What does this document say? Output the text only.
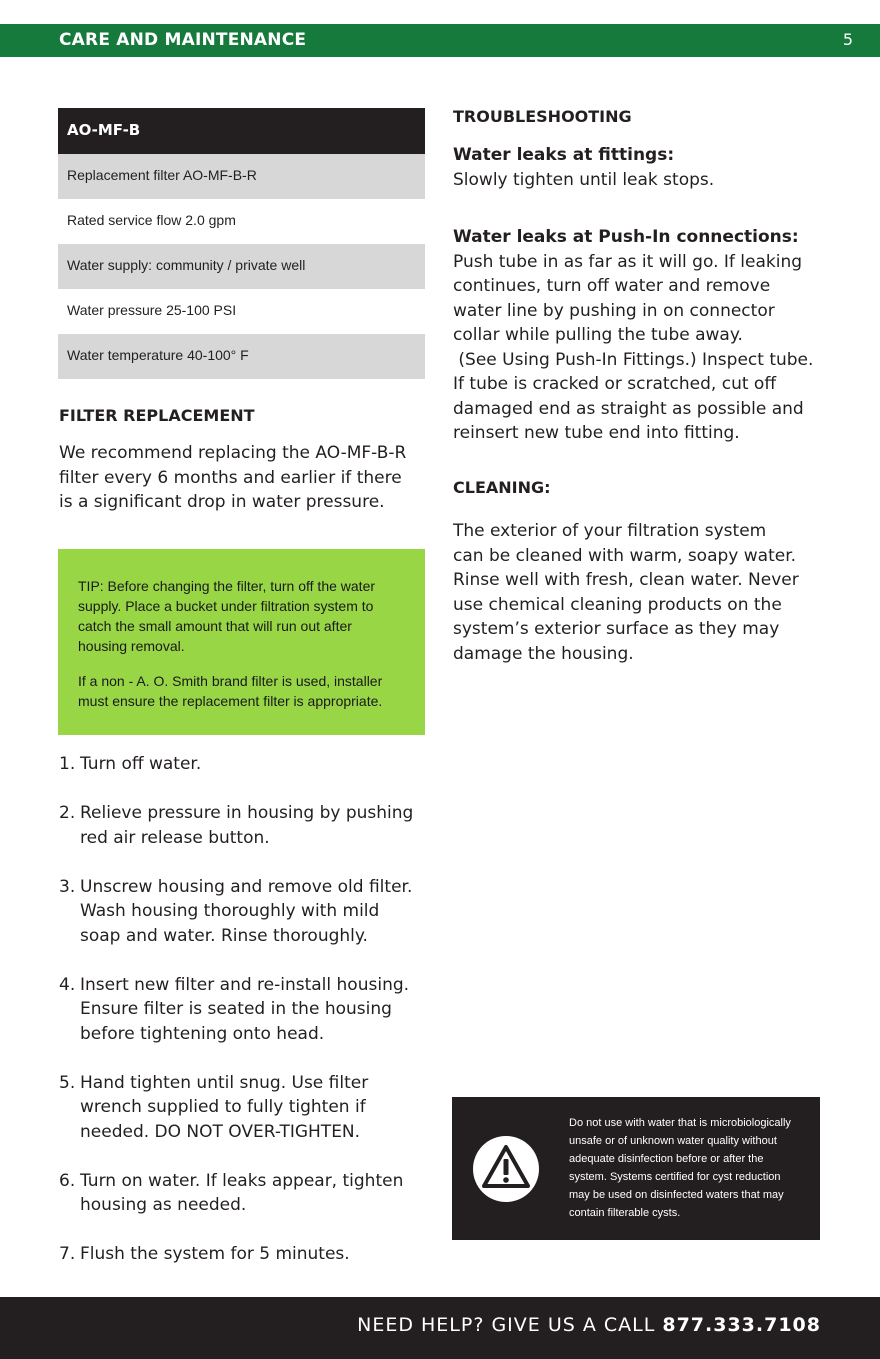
CARE AND MAINTENANCE	5
AO-MF-B
Replacement filter AO-MF-B-R
Rated service flow 2.0 gpm
Water supply: community / private well
Water pressure 25-100 PSI
Water temperature 40-100° F
FILTER REPLACEMENT

We recommend replacing the AO-MF-B-R
filter every 6 months and earlier if there
is a significant drop in water pressure.

TIP: Before changing the filter, turn off the water
supply. Place a bucket under filtration system to
catch the small amount that will run out after
housing removal.

If a non - A. O. Smith brand filter is used, installer
must ensure the replacement filter is appropriate.

1. Turn off water.
2. Relieve pressure in housing by pushing
red air release button.
3. Unscrew housing and remove old filter.
Wash housing thoroughly with mild
soap and water. Rinse thoroughly.
4. Insert new filter and re-install housing.
Ensure filter is seated in the housing
before tightening onto head.
5. Hand tighten until snug. Use filter
wrench supplied to fully tighten if
needed. DO NOT OVER-TIGHTEN.
6. Turn on water. If leaks appear, tighten
housing as needed.
7. Flush the system for 5 minutes.
TROUBLESHOOTING

Water leaks at fittings:

Slowly tighten until leak stops.

Water leaks at Push-In connections:

Push tube in as far as it will go. If leaking
continues, turn off water and remove
water line by pushing in on connector
collar while pulling the tube away.
(See Using Push-In Fittings.) Inspect tube.
If tube is cracked or scratched, cut off
damaged end as straight as possible and
reinsert new tube end into fitting.

CLEANING:

The exterior of your filtration system
can be cleaned with warm, soapy water.
Rinse well with fresh, clean water. Never
use chemical cleaning products on the
system’s exterior surface as they may
damage the housing.

Do not use with water that is microbiologically
unsafe or of unknown water quality without
adequate disinfection before or after the
system. Systems certified for cyst reduction
may be used on disinfected waters that may
contain filterable cysts.
NEED HELP? GIVE US A CALL 877.333.7108
